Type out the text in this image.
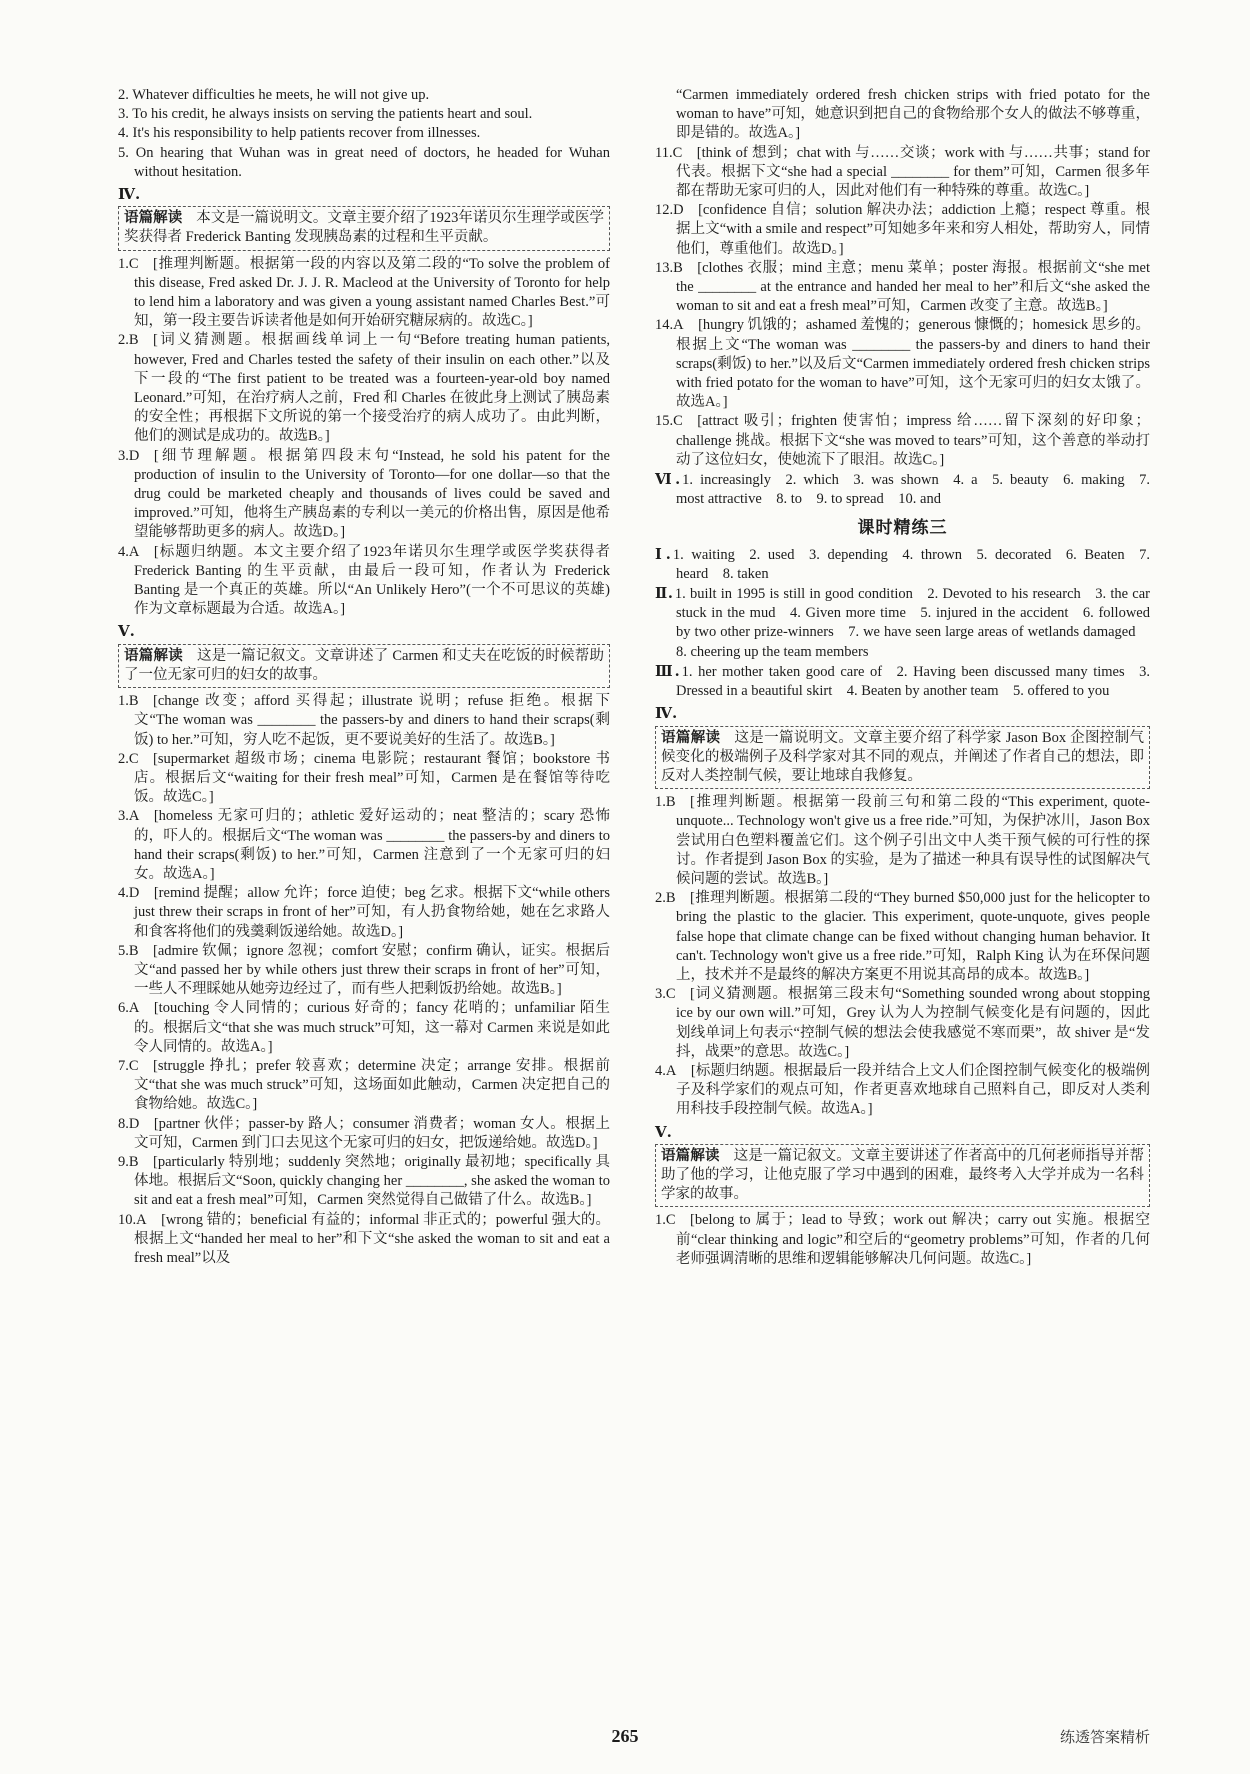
2. Whatever difficulties he meets, he will not give up.

3. To his credit, he always insists on serving the patients heart and soul.

4. It's his responsibility to help patients recover from illnesses.

5. On hearing that Wuhan was in great need of doctors, he headed for Wuhan without hesitation.

Ⅳ.
语篇解读 本文是一篇说明文。文章主要介绍了1923年诺贝尔生理学或医学奖获得者 Frederick Banting 发现胰岛素的过程和生平贡献。

1.C [推理判断题。根据第一段的内容以及第二段的“To solve the problem of this disease, Fred asked Dr. J. J. R. Macleod at the University of Toronto for help to lend him a laboratory and was given a young assistant named Charles Best.”可知，第一段主要告诉读者他是如何开始研究糖尿病的。故选C。]

2.B [词义猜测题。根据画线单词上一句“Before treating human patients, however, Fred and Charles tested the safety of their insulin on each other.”以及下一段的“The first patient to be treated was a fourteen-year-old boy named Leonard.”可知，在治疗病人之前，Fred 和 Charles 在彼此身上测试了胰岛素的安全性；再根据下文所说的第一个接受治疗的病人成功了。由此判断，他们的测试是成功的。故选B。]

3.D [细节理解题。根据第四段末句“Instead, he sold his patent for the production of insulin to the University of Toronto—for one dollar—so that the drug could be marketed cheaply and thousands of lives could be saved and improved.”可知，他将生产胰岛素的专利以一美元的价格出售，原因是他希望能够帮助更多的病人。故选D。]

4.A [标题归纳题。本文主要介绍了1923年诺贝尔生理学或医学奖获得者 Frederick Banting 的生平贡献，由最后一段可知，作者认为 Frederick Banting 是一个真正的英雄。所以“An Unlikely Hero”(一个不可思议的英雄)作为文章标题最为合适。故选A。]

Ⅴ.
语篇解读 这是一篇记叙文。文章讲述了 Carmen 和丈夫在吃饭的时候帮助了一位无家可归的妇女的故事。

1.B [change 改变；afford 买得起；illustrate 说明；refuse 拒绝。根据下文“The woman was ________ the passers-by and diners to hand their scraps(剩饭) to her.”可知，穷人吃不起饭，更不要说美好的生活了。故选B。]

2.C [supermarket 超级市场；cinema 电影院；restaurant 餐馆；bookstore 书店。根据后文“waiting for their fresh meal”可知，Carmen 是在餐馆等待吃饭。故选C。]

3.A [homeless 无家可归的；athletic 爱好运动的；neat 整洁的；scary 恐怖的，吓人的。根据后文“The woman was ________ the passers-by and diners to hand their scraps(剩饭) to her.”可知，Carmen 注意到了一个无家可归的妇女。故选A。]

4.D [remind 提醒；allow 允许；force 迫使；beg 乞求。根据下文“while others just threw their scraps in front of her”可知，有人扔食物给她，她在乞求路人和食客将他们的残羹剩饭递给她。故选D。]

5.B [admire 钦佩；ignore 忽视；comfort 安慰；confirm 确认，证实。根据后文“and passed her by while others just threw their scraps in front of her”可知，一些人不理睬她从她旁边经过了，而有些人把剩饭扔给她。故选B。]

6.A [touching 令人同情的；curious 好奇的；fancy 花哨的；unfamiliar 陌生的。根据后文“that she was much struck”可知，这一幕对 Carmen 来说是如此令人同情的。故选A。]

7.C [struggle 挣扎；prefer 较喜欢；determine 决定；arrange 安排。根据前文“that she was much struck”可知，这场面如此触动，Carmen 决定把自己的食物给她。故选C。]

8.D [partner 伙伴；passer-by 路人；consumer 消费者；woman 女人。根据上文可知，Carmen 到门口去见这个无家可归的妇女，把饭递给她。故选D。]

9.B [particularly 特别地；suddenly 突然地；originally 最初地；specifically 具体地。根据后文“Soon, quickly changing her ________, she asked the woman to sit and eat a fresh meal”可知，Carmen 突然觉得自己做错了什么。故选B。]

10.A [wrong 错的；beneficial 有益的；informal 非正式的；powerful 强大的。根据上文“handed her meal to her”和下文“she asked the woman to sit and eat a fresh meal”以及

“Carmen immediately ordered fresh chicken strips with fried potato for the woman to have”可知，她意识到把自己的食物给那个女人的做法不够尊重，即是错的。故选A。]

11.C [think of 想到；chat with 与……交谈；work with 与……共事；stand for 代表。根据下文“she had a special ________ for them”可知，Carmen 很多年都在帮助无家可归的人，因此对他们有一种特殊的尊重。故选C。]

12.D [confidence 自信；solution 解决办法；addiction 上瘾；respect 尊重。根据上文“with a smile and respect”可知她多年来和穷人相处，帮助穷人，同情他们，尊重他们。故选D。]

13.B [clothes 衣服；mind 主意；menu 菜单；poster 海报。根据前文“she met the ________ at the entrance and handed her meal to her”和后文“she asked the woman to sit and eat a fresh meal”可知，Carmen 改变了主意。故选B。]

14.A [hungry 饥饿的；ashamed 羞愧的；generous 慷慨的；homesick 思乡的。根据上文“The woman was ________ the passers-by and diners to hand their scraps(剩饭) to her.”以及后文“Carmen immediately ordered fresh chicken strips with fried potato for the woman to have”可知，这个无家可归的妇女太饿了。故选A。]

15.C [attract 吸引；frighten 使害怕；impress 给……留下深刻的好印象；challenge 挑战。根据下文“she was moved to tears”可知，这个善意的举动打动了这位妇女，使她流下了眼泪。故选C。]

Ⅵ. 1. increasingly 2. which 3. was shown 4. a 5. beauty 6. making 7. most attractive 8. to 9. to spread 10. and

课时精练三

Ⅰ. 1. waiting 2. used 3. depending 4. thrown 5. decorated 6. Beaten 7. heard 8. taken

Ⅱ. 1. built in 1995 is still in good condition 2. Devoted to his research 3. the car stuck in the mud 4. Given more time 5. injured in the accident 6. followed by two other prize-winners 7. we have seen large areas of wetlands damaged 8. cheering up the team members

Ⅲ. 1. her mother taken good care of 2. Having been discussed many times 3. Dressed in a beautiful skirt 4. Beaten by another team 5. offered to you

Ⅳ.
语篇解读 这是一篇说明文。文章主要介绍了科学家 Jason Box 企图控制气候变化的极端例子及科学家对其不同的观点，并阐述了作者自己的想法，即反对人类控制气候，要让地球自我修复。

1.B [推理判断题。根据第一段前三句和第二段的“This experiment, quote-unquote... Technology won't give us a free ride.”可知，为保护冰川，Jason Box 尝试用白色塑料覆盖它们。这个例子引出文中人类干预气候的可行性的探讨。作者提到 Jason Box 的实验，是为了描述一种具有误导性的试图解决气候问题的尝试。故选B。]

2.B [推理判断题。根据第二段的“They burned $50,000 just for the helicopter to bring the plastic to the glacier. This experiment, quote-unquote, gives people false hope that climate change can be fixed without changing human behavior. It can't. Technology won't give us a free ride.”可知，Ralph King 认为在环保问题上，技术并不是最终的解决方案更不用说其高昂的成本。故选B。]

3.C [词义猜测题。根据第三段末句“Something sounded wrong about stopping ice by our own will.”可知，Grey 认为人为控制气候变化是有问题的，因此划线单词上句表示“控制气候的想法会使我感觉不寒而栗”，故 shiver 是“发抖，战栗”的意思。故选C。]

4.A [标题归纳题。根据最后一段并结合上文人们企图控制气候变化的极端例子及科学家们的观点可知，作者更喜欢地球自己照料自己，即反对人类利用科技手段控制气候。故选A。]

Ⅴ.
语篇解读 这是一篇记叙文。文章主要讲述了作者高中的几何老师指导并帮助了他的学习，让他克服了学习中遇到的困难，最终考入大学并成为一名科学家的故事。

1.C [belong to 属于；lead to 导致；work out 解决；carry out 实施。根据空前“clear thinking and logic”和空后的“geometry problems”可知，作者的几何老师强调清晰的思维和逻辑能够解决几何问题。故选C。]

265	练透答案精析
